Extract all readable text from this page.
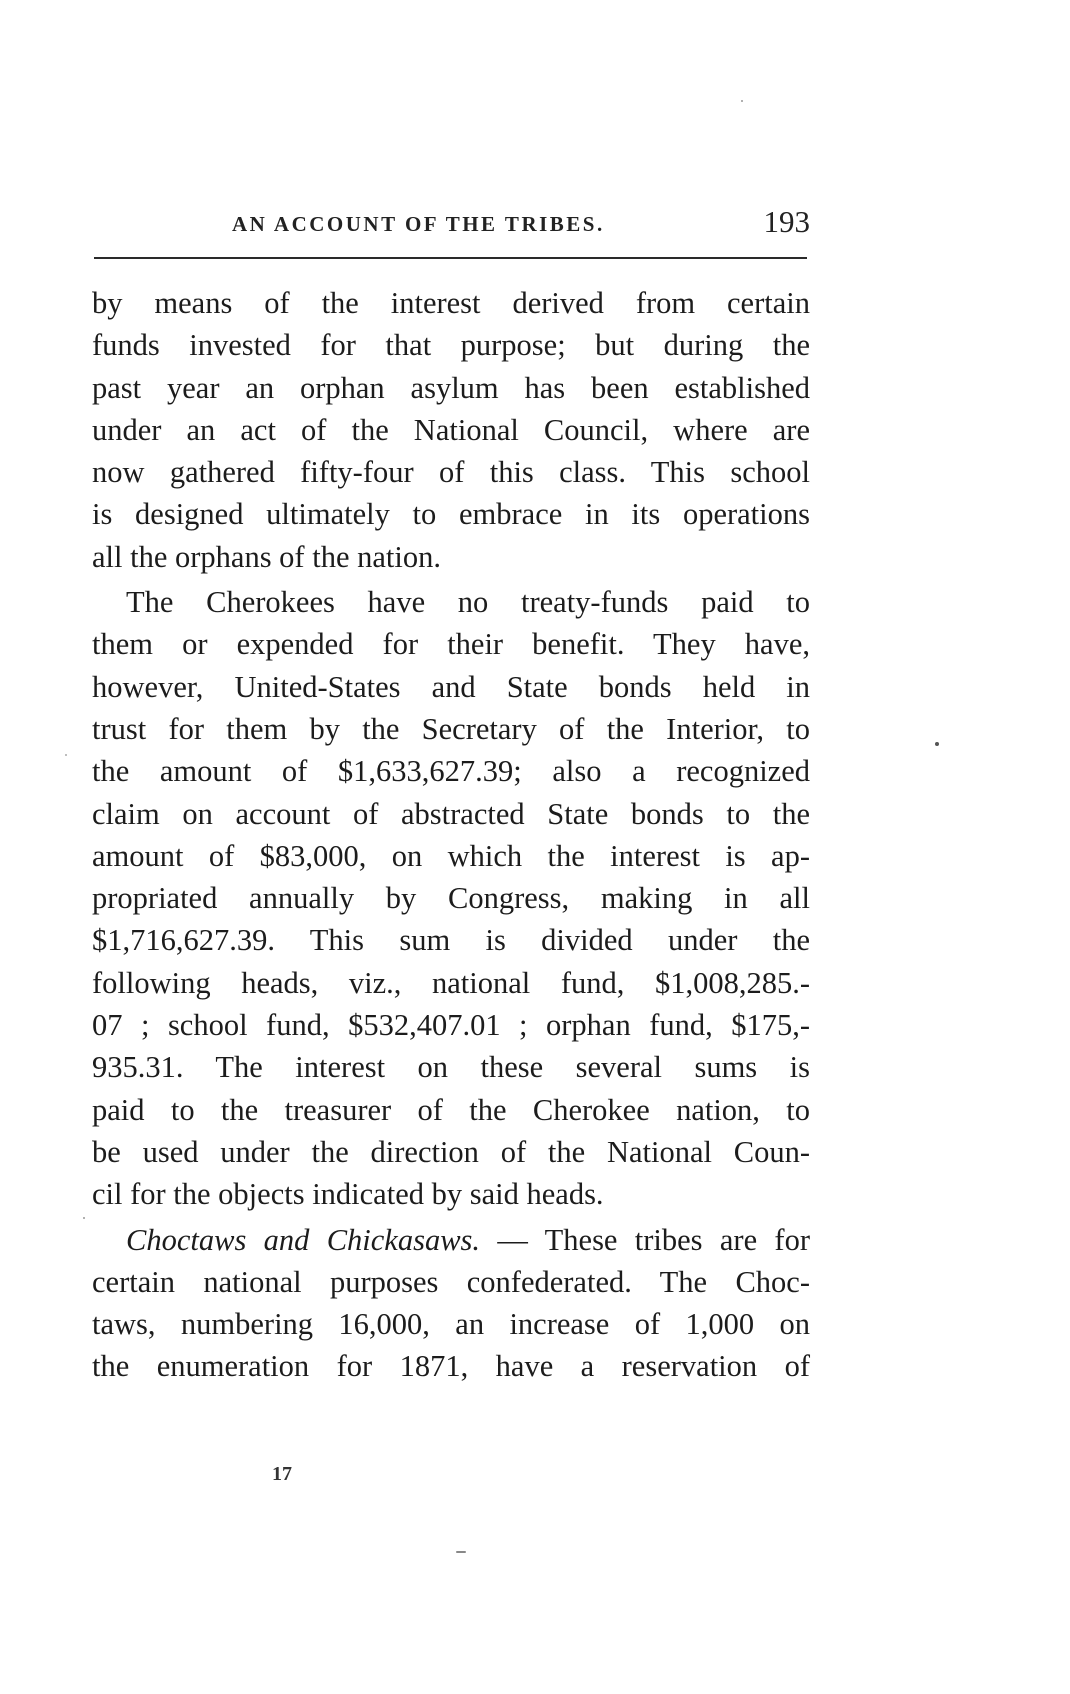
AN ACCOUNT OF THE TRIBES.	193
by means of the interest derived from certain
funds invested for that purpose; but during the
past year an orphan asylum has been established
under an act of the National Council, where are
now gathered fifty-four of this class. This school
is designed ultimately to embrace in its operations
all the orphans of the nation.
The Cherokees have no treaty-funds paid to
them or expended for their benefit. They have,
however, United-States and State bonds held in
trust for them by the Secretary of the Interior, to
the amount of $1,633,627.39; also a recognized
claim on account of abstracted State bonds to the
amount of $83,000, on which the interest is ap-
propriated annually by Congress, making in all
$1,716,627.39. This sum is divided under the
following heads, viz., national fund, $1,008,285.-
07 ; school fund, $532,407.01 ; orphan fund, $175,-
935.31. The interest on these several sums is
paid to the treasurer of the Cherokee nation, to
be used under the direction of the National Coun-
cil for the objects indicated by said heads.
Choctaws and Chickasaws. — These tribes are for
certain national purposes confederated. The Choc-
taws, numbering 16,000, an increase of 1,000 on
the enumeration for 1871, have a reservation of
17
